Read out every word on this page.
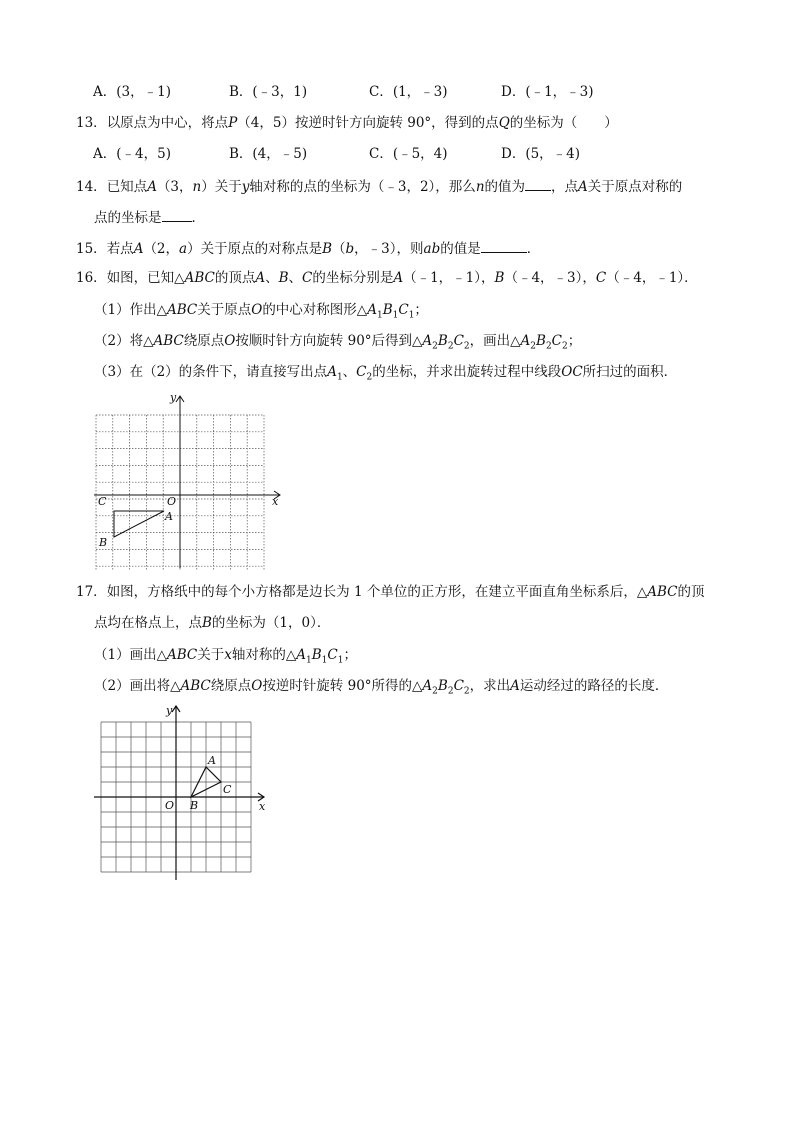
A．(3，﹣1)	B．(﹣3，1)	C．(1，﹣3)	D．(﹣1，﹣3)
13．以原点为中心，将点P（4，5）按逆时针方向旋转 90°，得到的点Q的坐标为（　　）
A．(﹣4，5)	B．(4，﹣5)	C．(﹣5，4)	D．(5，﹣4)
14．已知点A（3，n）关于y轴对称的点的坐标为（﹣3，2），那么n的值为 ，点A关于原点对称的
点的坐标是 ．
15．若点A（2，a）关于原点的对称点是B（b，﹣3），则ab的值是	．
16．如图，已知△ABC的顶点A、B、C的坐标分别是A（﹣1，﹣1），B（﹣4，﹣3），C（﹣4，﹣1）．
（1）作出△ABC关于原点O的中心对称图形$\triangle A_1B_1C_1$；
（2）将△ABC绕原点O按顺时针方向旋转 90°后得到$\triangle A_2B_2C_2$，画出$\triangle A_2B_2C_2$；
（3）在（2）的条件下，请直接写出点$A_1$、$C_2$的坐标，并求出旋转过程中线段OC所扫过的面积．
x
y
O
A
B
C
17．如图，方格纸中的每个小方格都是边长为 1 个单位的正方形，在建立平面直角坐标系后，△ABC的顶
点均在格点上，点B的坐标为（1，0）．
（1）画出△ABC关于x轴对称的$\triangle A_1B_1C_1$；
（2）画出将△ABC绕原点O按逆时针旋转 90°所得的$\triangle A_2B_2C_2$，求出A运动经过的路径的长度．
x
y
O
A
B
C
